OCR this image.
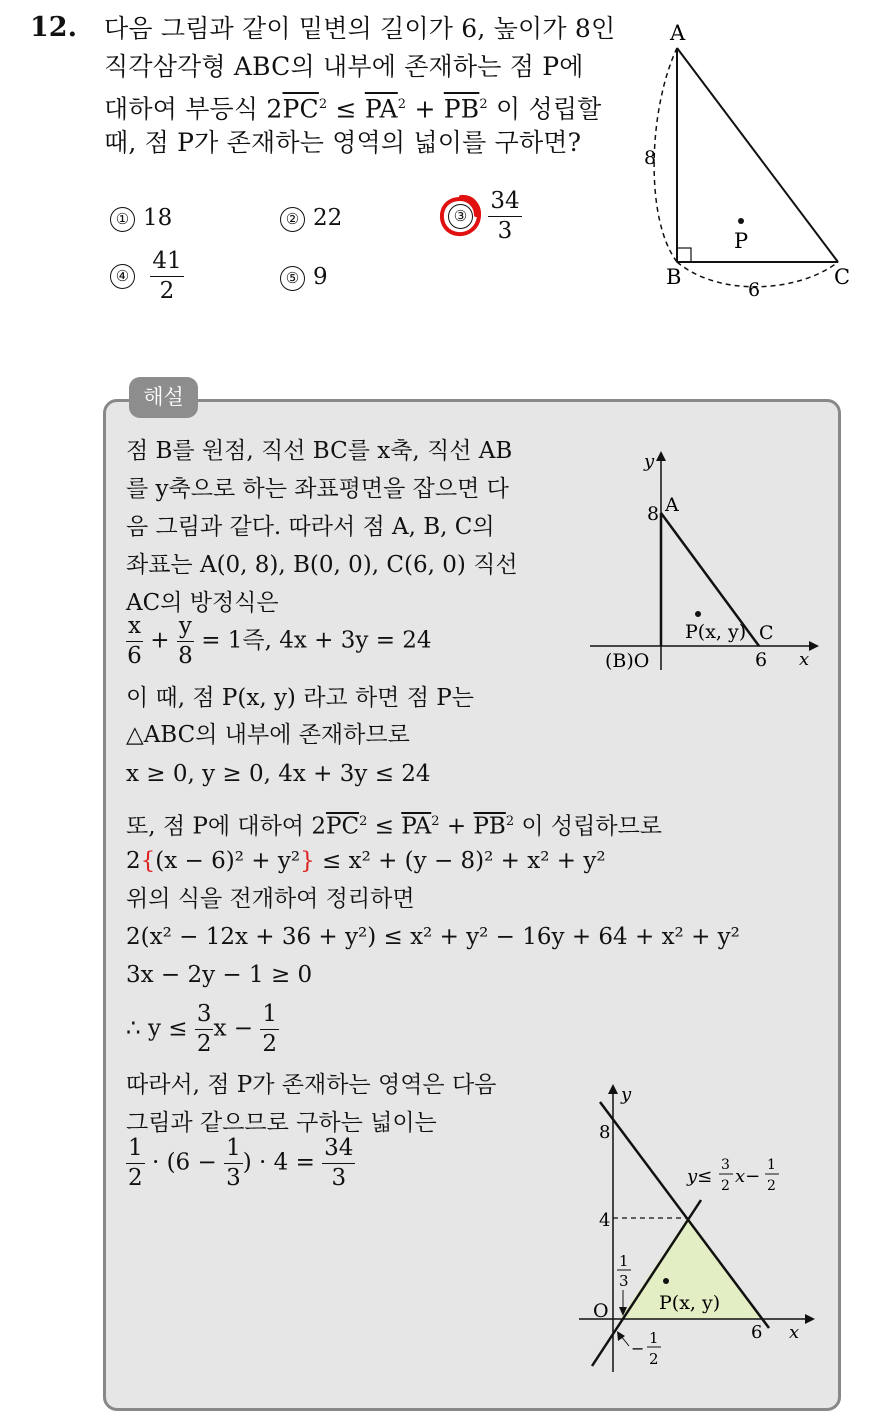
12. 다음 그림과 같이 밑변의 길이가 6, 높이가 8인
직각삼각형 ABC의 내부에 존재하는 점 P에
대하여 부등식 $2\overline{PC}^2 \le \overline{PA}^2 + \overline{PB}^2$ 이 성립할
때, 점 P가 존재하는 영역의 넓이를 구하면?
① 18	② 22	③ $\frac{34}{3}$
④ $\frac{41}{2}$	⑤ 9
A
B	C
P
8
6
해설
점 B를 원점, 직선 BC를 x축, 직선 AB
를 y축으로 하는 좌표평면을 잡으면 다
음 그림과 같다. 따라서 점 A, B, C의
좌표는 A(0, 8), B(0, 0), C(6, 0) 직선
AC의 방정식은
$\frac{x}{6} + \frac{y}{8} = 1$즉, 4x + 3y = 24
이 때, 점 P(x, y) 라고 하면 점 P는
△ABC의 내부에 존재하므로
x ≥ 0, y ≥ 0, 4x + 3y ≤ 24
또, 점 P에 대하여 $2\overline{PC}^2 \le \overline{PA}^2 + \overline{PB}^2$ 이 성립하므로
2{(x − 6)² + y²} ≤ x² + (y − 8)² + x² + y²
위의 식을 전개하여 정리하면
2(x² − 12x + 36 + y²) ≤ x² + y² − 16y + 64 + x² + y²
3x − 2y − 1 ≥ 0
∴ $y \le \frac{3}{2}$ $x - \frac{1}{2}$
따라서, 점 P가 존재하는 영역은 다음
그림과 같으므로 구하는 넓이는
$\frac{1}{2} \cdot (6 - \frac{1}{3}$ ) · $4 = \frac{34}{3}$
y
x
8 A
P(x, y) C
(B)O	6
y
x
8
4
O
6
P(x, y)
y≤
3
2 x−
1
2
1
3
−
1
2
